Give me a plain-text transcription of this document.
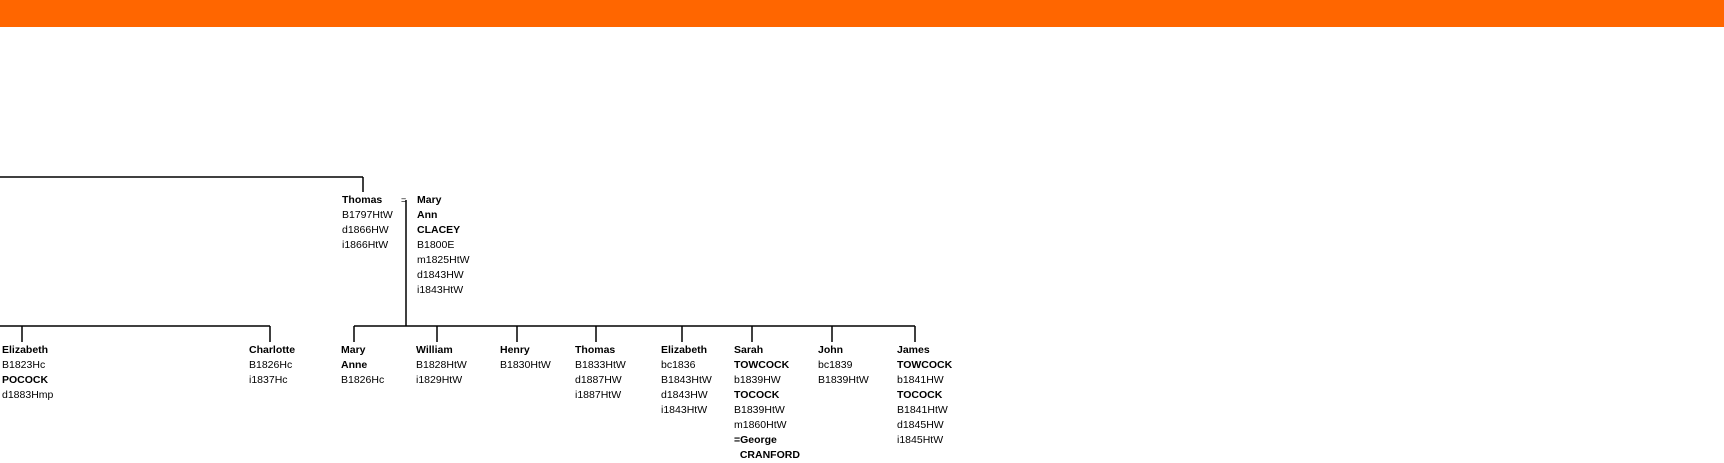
Thomas
B1797HtW
d1866HW
i1866HtW
= Mary
Ann
CLACEY
B1800E
m1825HtW
d1843HW
i1843HtW
Elizabeth
B1823Hc
POCOCK
d1883Hmp
Charlotte
B1826Hc
i1837Hc
Mary
Anne
B1826Hc
William
B1828HtW
i1829HtW
Henry
B1830HtW
Thomas
B1833HtW
d1887HW
i1887HtW
Elizabeth
bc1836
B1843HtW
d1843HW
i1843HtW
Sarah
TOWCOCK
b1839HW
TOCOCK
B1839HtW
m1860HtW
=George
CRANFORD
John
bc1839
B1839HtW
James
TOWCOCK
b1841HW
TOCOCK
B1841HtW
d1845HW
i1845HtW
